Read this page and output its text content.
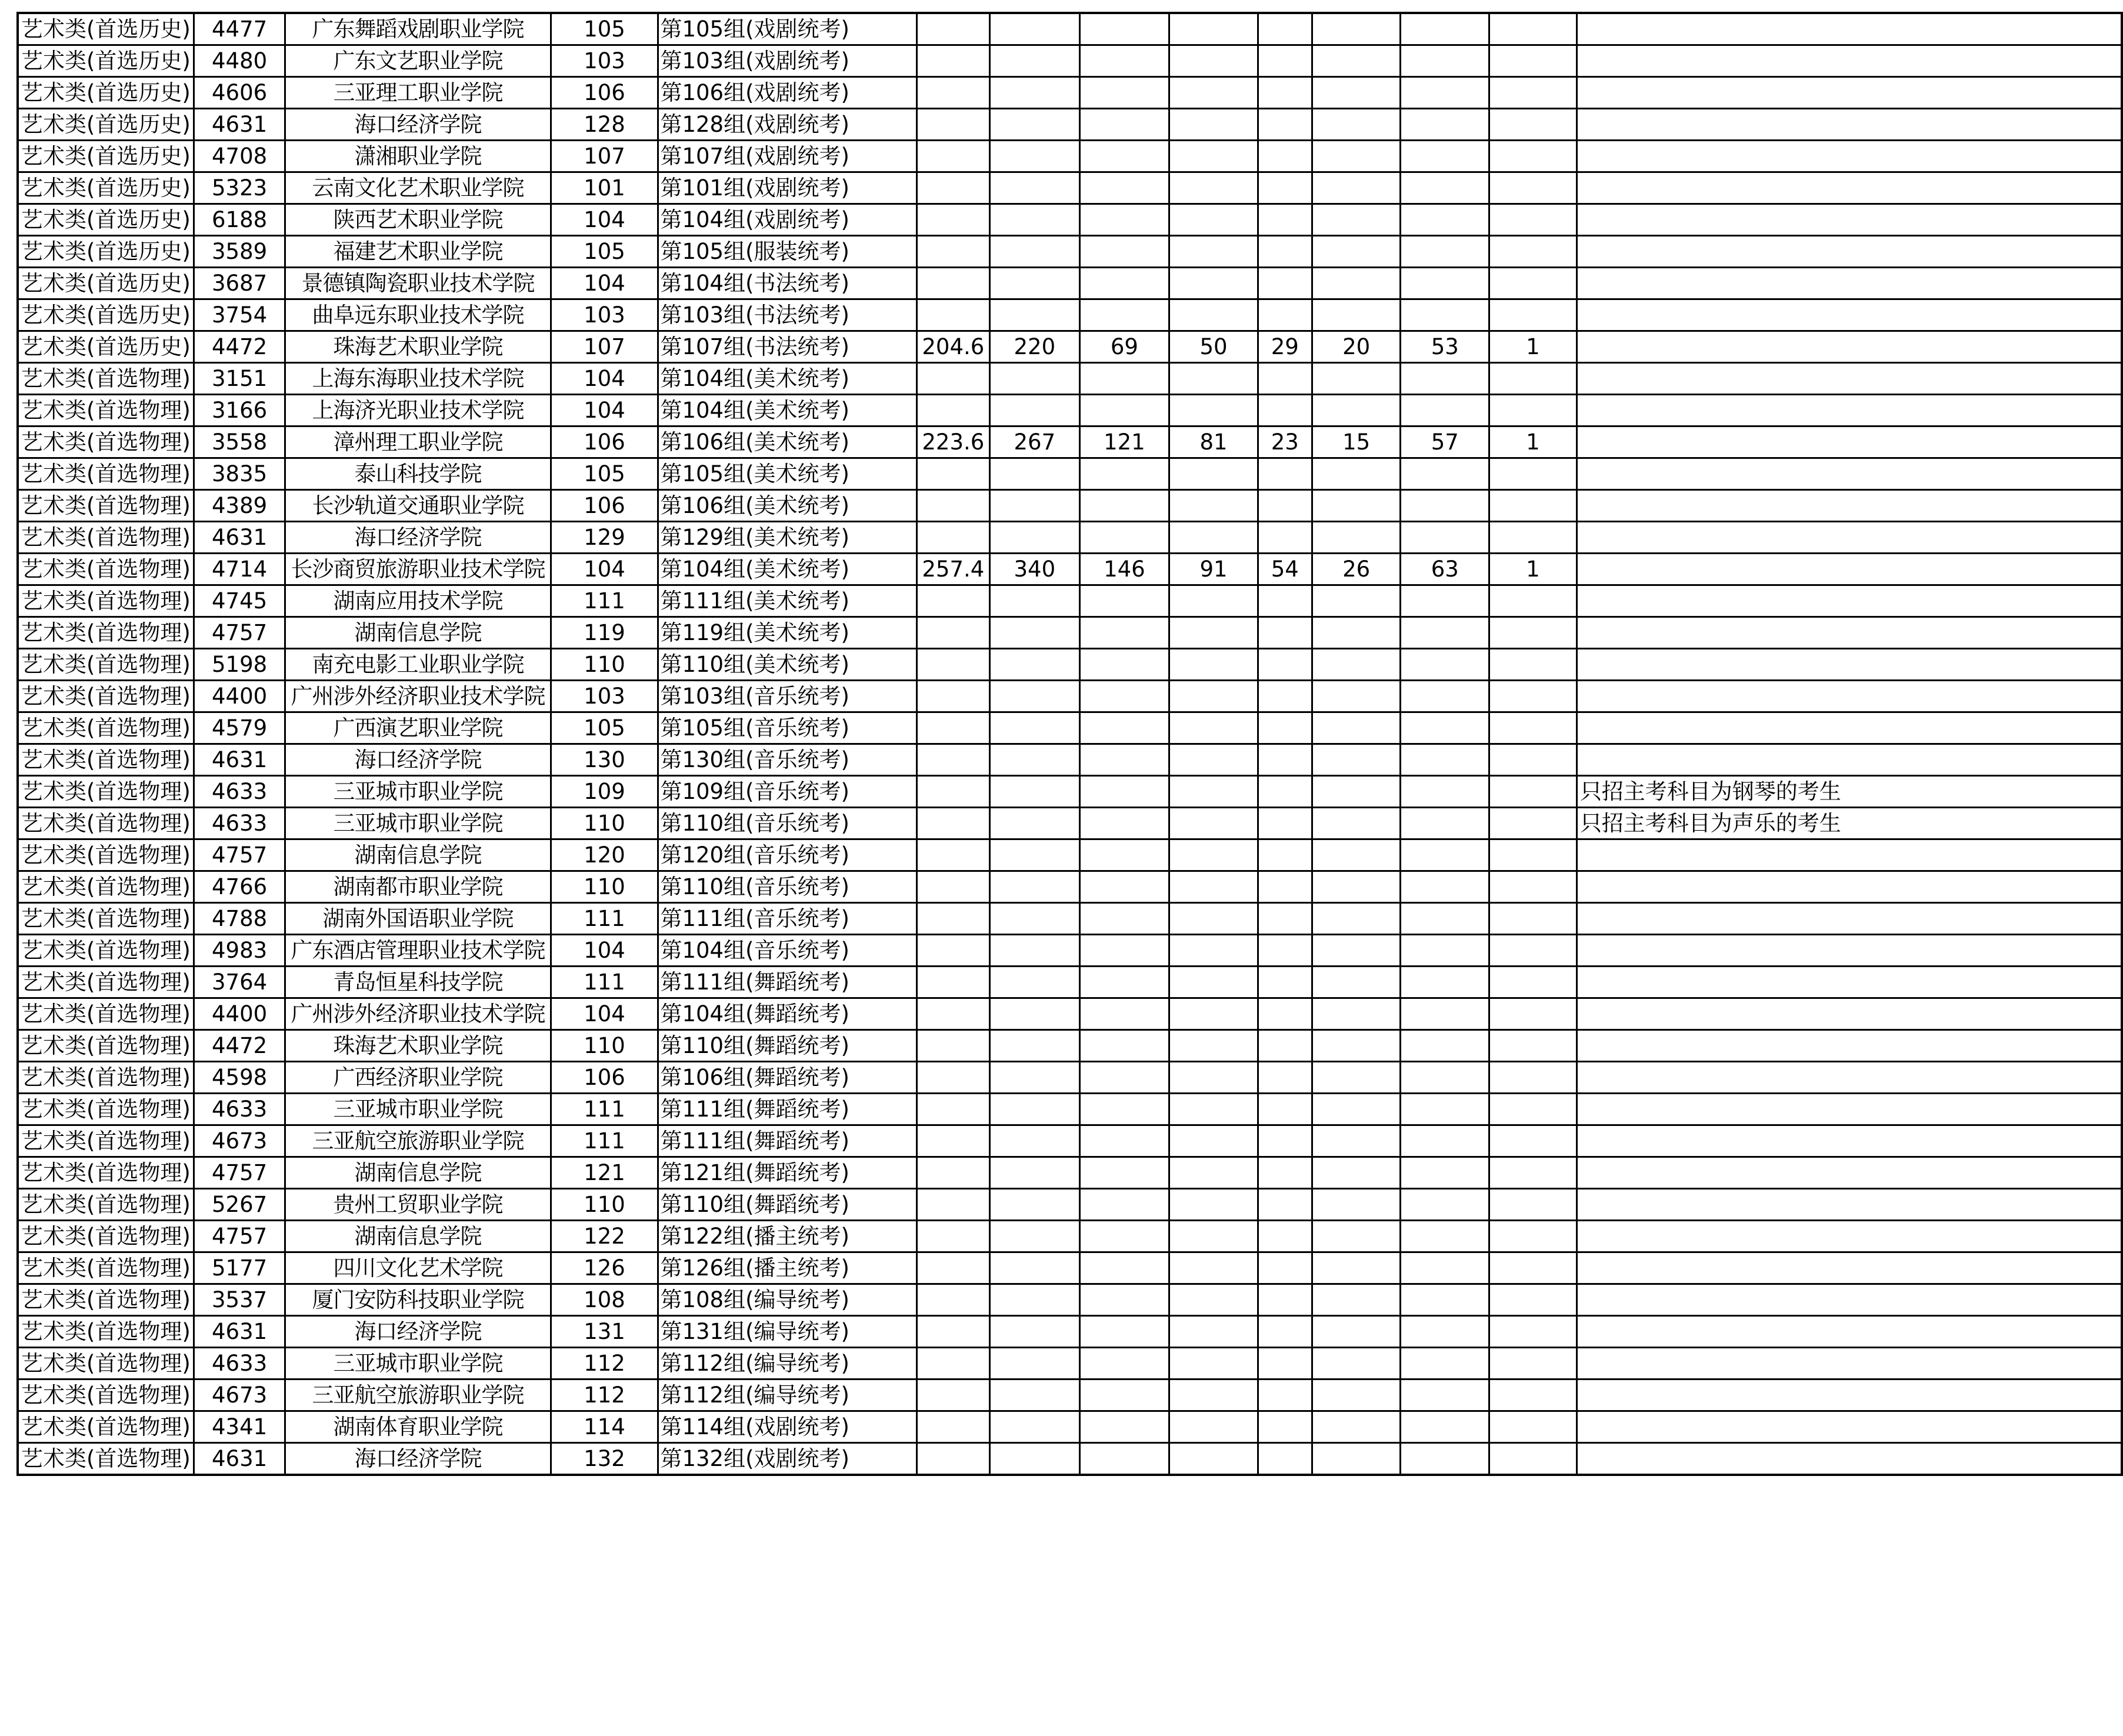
艺术类(首选历史)	4477	广东舞蹈戏剧职业学院	105	第105组(戏剧统考)									
艺术类(首选历史)	4480	广东文艺职业学院	103	第103组(戏剧统考)									
艺术类(首选历史)	4606	三亚理工职业学院	106	第106组(戏剧统考)									
艺术类(首选历史)	4631	海口经济学院	128	第128组(戏剧统考)									
艺术类(首选历史)	4708	潇湘职业学院	107	第107组(戏剧统考)									
艺术类(首选历史)	5323	云南文化艺术职业学院	101	第101组(戏剧统考)									
艺术类(首选历史)	6188	陕西艺术职业学院	104	第104组(戏剧统考)									
艺术类(首选历史)	3589	福建艺术职业学院	105	第105组(服装统考)									
艺术类(首选历史)	3687	景德镇陶瓷职业技术学院	104	第104组(书法统考)									
艺术类(首选历史)	3754	曲阜远东职业技术学院	103	第103组(书法统考)									
艺术类(首选历史)	4472	珠海艺术职业学院	107	第107组(书法统考)	204.6	220	69	50	29	20	53	1	
艺术类(首选物理)	3151	上海东海职业技术学院	104	第104组(美术统考)									
艺术类(首选物理)	3166	上海济光职业技术学院	104	第104组(美术统考)									
艺术类(首选物理)	3558	漳州理工职业学院	106	第106组(美术统考)	223.6	267	121	81	23	15	57	1	
艺术类(首选物理)	3835	泰山科技学院	105	第105组(美术统考)									
艺术类(首选物理)	4389	长沙轨道交通职业学院	106	第106组(美术统考)									
艺术类(首选物理)	4631	海口经济学院	129	第129组(美术统考)									
艺术类(首选物理)	4714	长沙商贸旅游职业技术学院	104	第104组(美术统考)	257.4	340	146	91	54	26	63	1	
艺术类(首选物理)	4745	湖南应用技术学院	111	第111组(美术统考)									
艺术类(首选物理)	4757	湖南信息学院	119	第119组(美术统考)									
艺术类(首选物理)	5198	南充电影工业职业学院	110	第110组(美术统考)									
艺术类(首选物理)	4400	广州涉外经济职业技术学院	103	第103组(音乐统考)									
艺术类(首选物理)	4579	广西演艺职业学院	105	第105组(音乐统考)									
艺术类(首选物理)	4631	海口经济学院	130	第130组(音乐统考)									
艺术类(首选物理)	4633	三亚城市职业学院	109	第109组(音乐统考)									只招主考科目为钢琴的考生
艺术类(首选物理)	4633	三亚城市职业学院	110	第110组(音乐统考)									只招主考科目为声乐的考生
艺术类(首选物理)	4757	湖南信息学院	120	第120组(音乐统考)									
艺术类(首选物理)	4766	湖南都市职业学院	110	第110组(音乐统考)									
艺术类(首选物理)	4788	湖南外国语职业学院	111	第111组(音乐统考)									
艺术类(首选物理)	4983	广东酒店管理职业技术学院	104	第104组(音乐统考)									
艺术类(首选物理)	3764	青岛恒星科技学院	111	第111组(舞蹈统考)									
艺术类(首选物理)	4400	广州涉外经济职业技术学院	104	第104组(舞蹈统考)									
艺术类(首选物理)	4472	珠海艺术职业学院	110	第110组(舞蹈统考)									
艺术类(首选物理)	4598	广西经济职业学院	106	第106组(舞蹈统考)									
艺术类(首选物理)	4633	三亚城市职业学院	111	第111组(舞蹈统考)									
艺术类(首选物理)	4673	三亚航空旅游职业学院	111	第111组(舞蹈统考)									
艺术类(首选物理)	4757	湖南信息学院	121	第121组(舞蹈统考)									
艺术类(首选物理)	5267	贵州工贸职业学院	110	第110组(舞蹈统考)									
艺术类(首选物理)	4757	湖南信息学院	122	第122组(播主统考)									
艺术类(首选物理)	5177	四川文化艺术学院	126	第126组(播主统考)									
艺术类(首选物理)	3537	厦门安防科技职业学院	108	第108组(编导统考)									
艺术类(首选物理)	4631	海口经济学院	131	第131组(编导统考)									
艺术类(首选物理)	4633	三亚城市职业学院	112	第112组(编导统考)									
艺术类(首选物理)	4673	三亚航空旅游职业学院	112	第112组(编导统考)									
艺术类(首选物理)	4341	湖南体育职业学院	114	第114组(戏剧统考)									
艺术类(首选物理)	4631	海口经济学院	132	第132组(戏剧统考)									
